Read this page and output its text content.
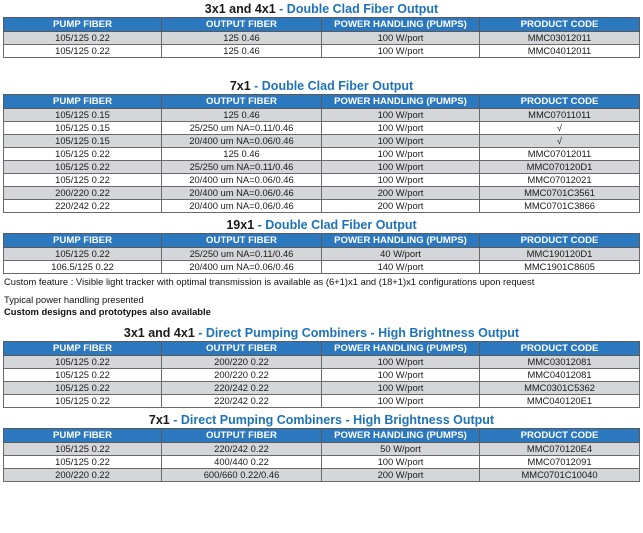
3x1 and 4x1 - Double Clad Fiber Output
PUMP FIBER	OUTPUT FIBER	POWER HANDLING (PUMPS)	PRODUCT CODE
105/125 0.22	125 0.46	100 W/port	MMC03012011
105/125 0.22	125 0.46	100 W/port	MMC04012011
7x1 - Double Clad Fiber Output
PUMP FIBER	OUTPUT FIBER	POWER HANDLING (PUMPS)	PRODUCT CODE
105/125 0.15	125 0.46	100 W/port	MMC07011011
105/125 0.15	25/250 um NA=0.11/0.46	100 W/port	√
105/125 0.15	20/400 um NA=0.06/0.46	100 W/port	√
105/125 0.22	125 0.46	100 W/port	MMC07012011
105/125 0.22	25/250 um NA=0.11/0.46	100 W/port	MMC070120D1
105/125 0.22	20/400 um NA=0.06/0.46	100 W/port	MMC07012021
200/220 0.22	20/400 um NA=0.06/0.46	200 W/port	MMC0701C3561
220/242 0.22	20/400 um NA=0.06/0.46	200 W/port	MMC0701C3866
19x1 - Double Clad Fiber Output
PUMP FIBER	OUTPUT FIBER	POWER HANDLING (PUMPS)	PRODUCT CODE
105/125 0.22	25/250 um NA=0.11/0.46	40 W/port	MMC190120D1
106.5/125 0.22	20/400 um NA=0.06/0.46	140 W/port	MMC1901C8605
Custom feature : Visible light tracker with optimal transmission is available as (6+1)x1 and (18+1)x1 configurations upon request
Typical power handling presented
Custom designs and prototypes also available
3x1 and 4x1 - Direct Pumping Combiners - High Brightness Output
PUMP FIBER	OUTPUT FIBER	POWER HANDLING (PUMPS)	PRODUCT CODE
105/125 0.22	200/220 0.22	100 W/port	MMC03012081
105/125 0.22	200/220 0.22	100 W/port	MMC04012081
105/125 0.22	220/242 0.22	100 W/port	MMC0301C5362
105/125 0.22	220/242 0.22	100 W/port	MMC040120E1
7x1 - Direct Pumping Combiners - High Brightness Output
PUMP FIBER	OUTPUT FIBER	POWER HANDLING (PUMPS)	PRODUCT CODE
105/125 0.22	220/242 0.22	50 W/port	MMC070120E4
105/125 0.22	400/440 0.22	100 W/port	MMC07012091
200/220 0.22	600/660 0.22/0.46	200 W/port	MMC0701C10040
